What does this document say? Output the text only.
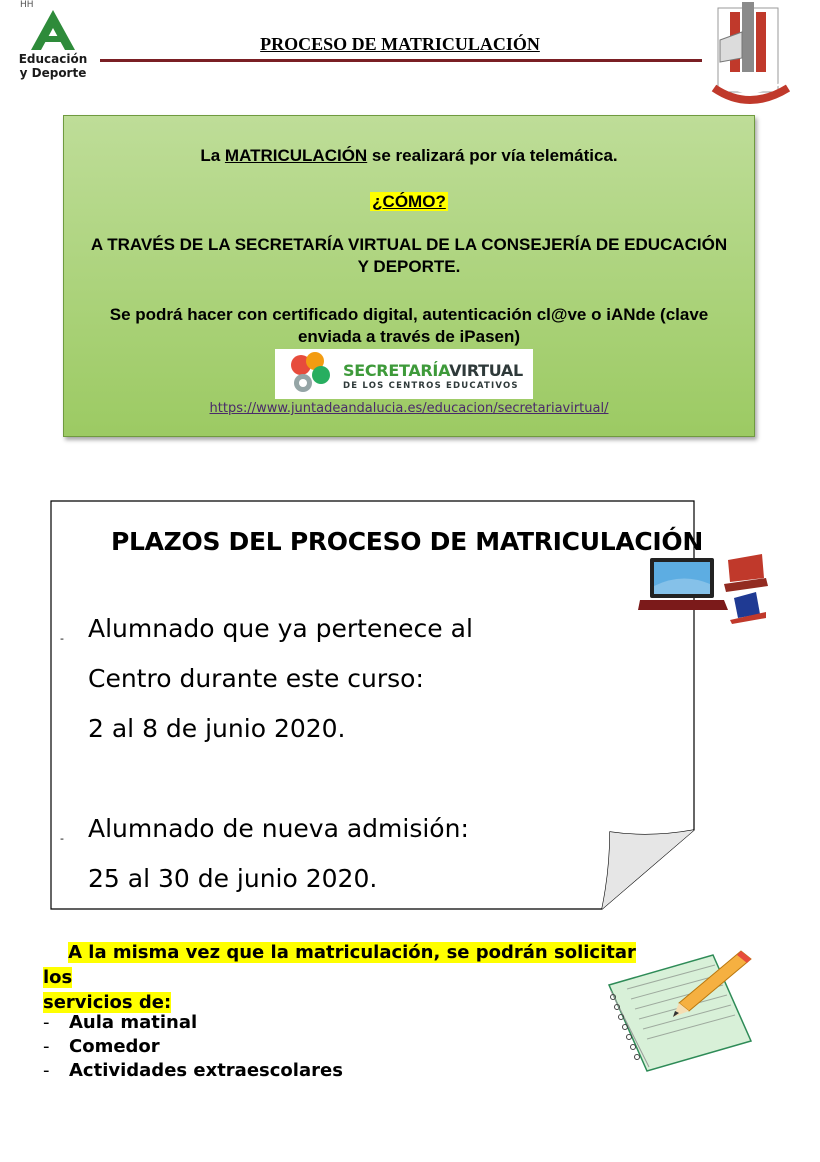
HH
Educación
y Deporte
PROCESO DE MATRICULACIÓN
La MATRICULACIÓN se realizará por vía telemática.
¿CÓMO?
A TRAVÉS DE LA SECRETARÍA VIRTUAL DE LA CONSEJERÍA DE EDUCACIÓN Y DEPORTE.
Se podrá hacer con certificado digital, autenticación cl@ve o iANde (clave enviada a través de iPasen)
SECRETARÍAVIRTUAL
DE LOS CENTROS EDUCATIVOS
https://www.juntadeandalucia.es/educacion/secretariavirtual/
PLAZOS DEL PROCESO DE MATRICULACIÓN
- Alumnado que ya pertenece al
Centro durante este curso:
2 al 8 de junio 2020.
- Alumnado de nueva admisión:
25 al 30 de junio 2020.
A la misma vez que la matriculación, se podrán solicitar los
servicios de:
- Aula matinal
- Comedor
- Actividades extraescolares
